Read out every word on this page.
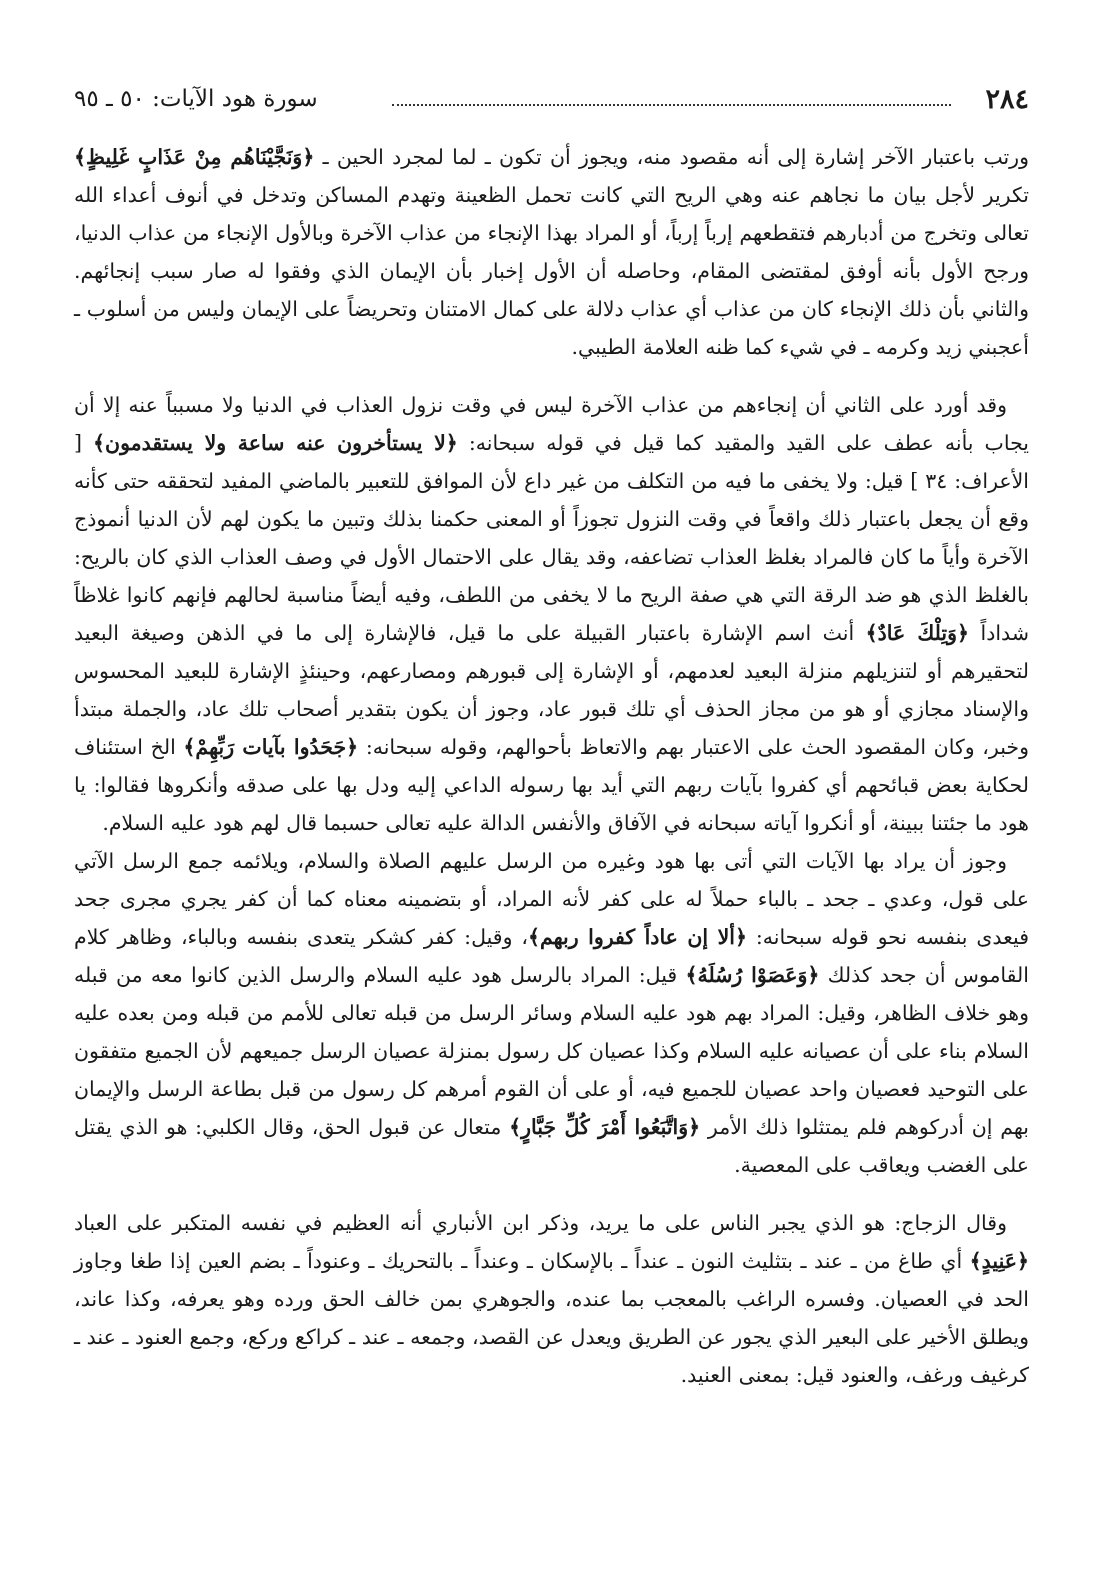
٢٨٤
سورة هود الآيات: ٥٠ ـ ٩٥

ورتب باعتبار الآخر إشارة إلى أنه مقصود منه، ويجوز أن تكون ـ لما لمجرد الحين ـ ﴿وَنَجَّيْنَاهُم مِنْ عَذَابٍ غَلِيظٍ﴾ تكرير لأجل بيان ما نجاهم عنه وهي الريح التي كانت تحمل الظعينة وتهدم المساكن وتدخل في أنوف أعداء الله تعالى وتخرج من أدبارهم فتقطعهم إرباً إرباً، أو المراد بهذا الإنجاء من عذاب الآخرة وبالأول الإنجاء من عذاب الدنيا، ورجح الأول بأنه أوفق لمقتضى المقام، وحاصله أن الأول إخبار بأن الإيمان الذي وفقوا له صار سبب إنجائهم. والثاني بأن ذلك الإنجاء كان من عذاب أي عذاب دلالة على كمال الامتنان وتحريضاً على الإيمان وليس من أسلوب ـ أعجبني زيد وكرمه ـ في شيء كما ظنه العلامة الطيبي.

وقد أورد على الثاني أن إنجاءهم من عذاب الآخرة ليس في وقت نزول العذاب في الدنيا ولا مسبباً عنه إلا أن يجاب بأنه عطف على القيد والمقيد كما قيل في قوله سبحانه: ﴿لا يستأخرون عنه ساعة ولا يستقدمون﴾ [ الأعراف: ٣٤ ] قيل: ولا يخفى ما فيه من التكلف من غير داع لأن الموافق للتعبير بالماضي المفيد لتحققه حتى كأنه وقع أن يجعل باعتبار ذلك واقعاً في وقت النزول تجوزاً أو المعنى حكمنا بذلك وتبين ما يكون لهم لأن الدنيا أنموذج الآخرة وأياً ما كان فالمراد بغلظ العذاب تضاعفه، وقد يقال على الاحتمال الأول في وصف العذاب الذي كان بالريح: بالغلظ الذي هو ضد الرقة التي هي صفة الريح ما لا يخفى من اللطف، وفيه أيضاً مناسبة لحالهم فإنهم كانوا غلاظاً شداداً ﴿وَتِلْكَ عَادٌ﴾ أنث اسم الإشارة باعتبار القبيلة على ما قيل، فالإشارة إلى ما في الذهن وصيغة البعيد لتحقيرهم أو لتنزيلهم منزلة البعيد لعدمهم، أو الإشارة إلى قبورهم ومصارعهم، وحينئذٍ الإشارة للبعيد المحسوس والإسناد مجازي أو هو من مجاز الحذف أي تلك قبور عاد، وجوز أن يكون بتقدير أصحاب تلك عاد، والجملة مبتدأ وخبر، وكان المقصود الحث على الاعتبار بهم والاتعاظ بأحوالهم، وقوله سبحانه: ﴿جَحَدُوا بآيات رَبِّهِمْ﴾ الخ استئناف لحكاية بعض قبائحهم أي كفروا بآيات ربهم التي أيد بها رسوله الداعي إليه ودل بها على صدقه وأنكروها فقالوا: يا هود ما جئتنا ببينة، أو أنكروا آياته سبحانه في الآفاق والأنفس الدالة عليه تعالى حسبما قال لهم هود عليه السلام.

وجوز أن يراد بها الآيات التي أتى بها هود وغيره من الرسل عليهم الصلاة والسلام، ويلائمه جمع الرسل الآتي على قول، وعدي ـ جحد ـ بالباء حملاً له على كفر لأنه المراد، أو بتضمينه معناه كما أن كفر يجري مجرى جحد فيعدى بنفسه نحو قوله سبحانه: ﴿ألا إن عاداً كفروا ربهم﴾، وقيل: كفر كشكر يتعدى بنفسه وبالباء، وظاهر كلام القاموس أن جحد كذلك ﴿وَعَصَوْا رُسُلَهُ﴾ قيل: المراد بالرسل هود عليه السلام والرسل الذين كانوا معه من قبله وهو خلاف الظاهر، وقيل: المراد بهم هود عليه السلام وسائر الرسل من قبله تعالى للأمم من قبله ومن بعده عليه السلام بناء على أن عصيانه عليه السلام وكذا عصيان كل رسول بمنزلة عصيان الرسل جميعهم لأن الجميع متفقون على التوحيد فعصيان واحد عصيان للجميع فيه، أو على أن القوم أمرهم كل رسول من قبل بطاعة الرسل والإيمان بهم إن أدركوهم فلم يمتثلوا ذلك الأمر ﴿وَاتَّبَعُوا أَمْرَ كُلِّ جَبَّارٍ﴾ متعال عن قبول الحق، وقال الكلبي: هو الذي يقتل على الغضب ويعاقب على المعصية.

وقال الزجاج: هو الذي يجبر الناس على ما يريد، وذكر ابن الأنباري أنه العظيم في نفسه المتكبر على العباد ﴿عَنِيدٍ﴾ أي طاغ من ـ عند ـ بتثليث النون ـ عنداً ـ بالإسكان ـ وعنداً ـ بالتحريك ـ وعنوداً ـ بضم العين إذا طغا وجاوز الحد في العصيان. وفسره الراغب بالمعجب بما عنده، والجوهري بمن خالف الحق ورده وهو يعرفه، وكذا عاند، ويطلق الأخير على البعير الذي يجور عن الطريق ويعدل عن القصد، وجمعه ـ عند ـ كراكع وركع، وجمع العنود ـ عند ـ كرغيف ورغف، والعنود قيل: بمعنى العنيد.
